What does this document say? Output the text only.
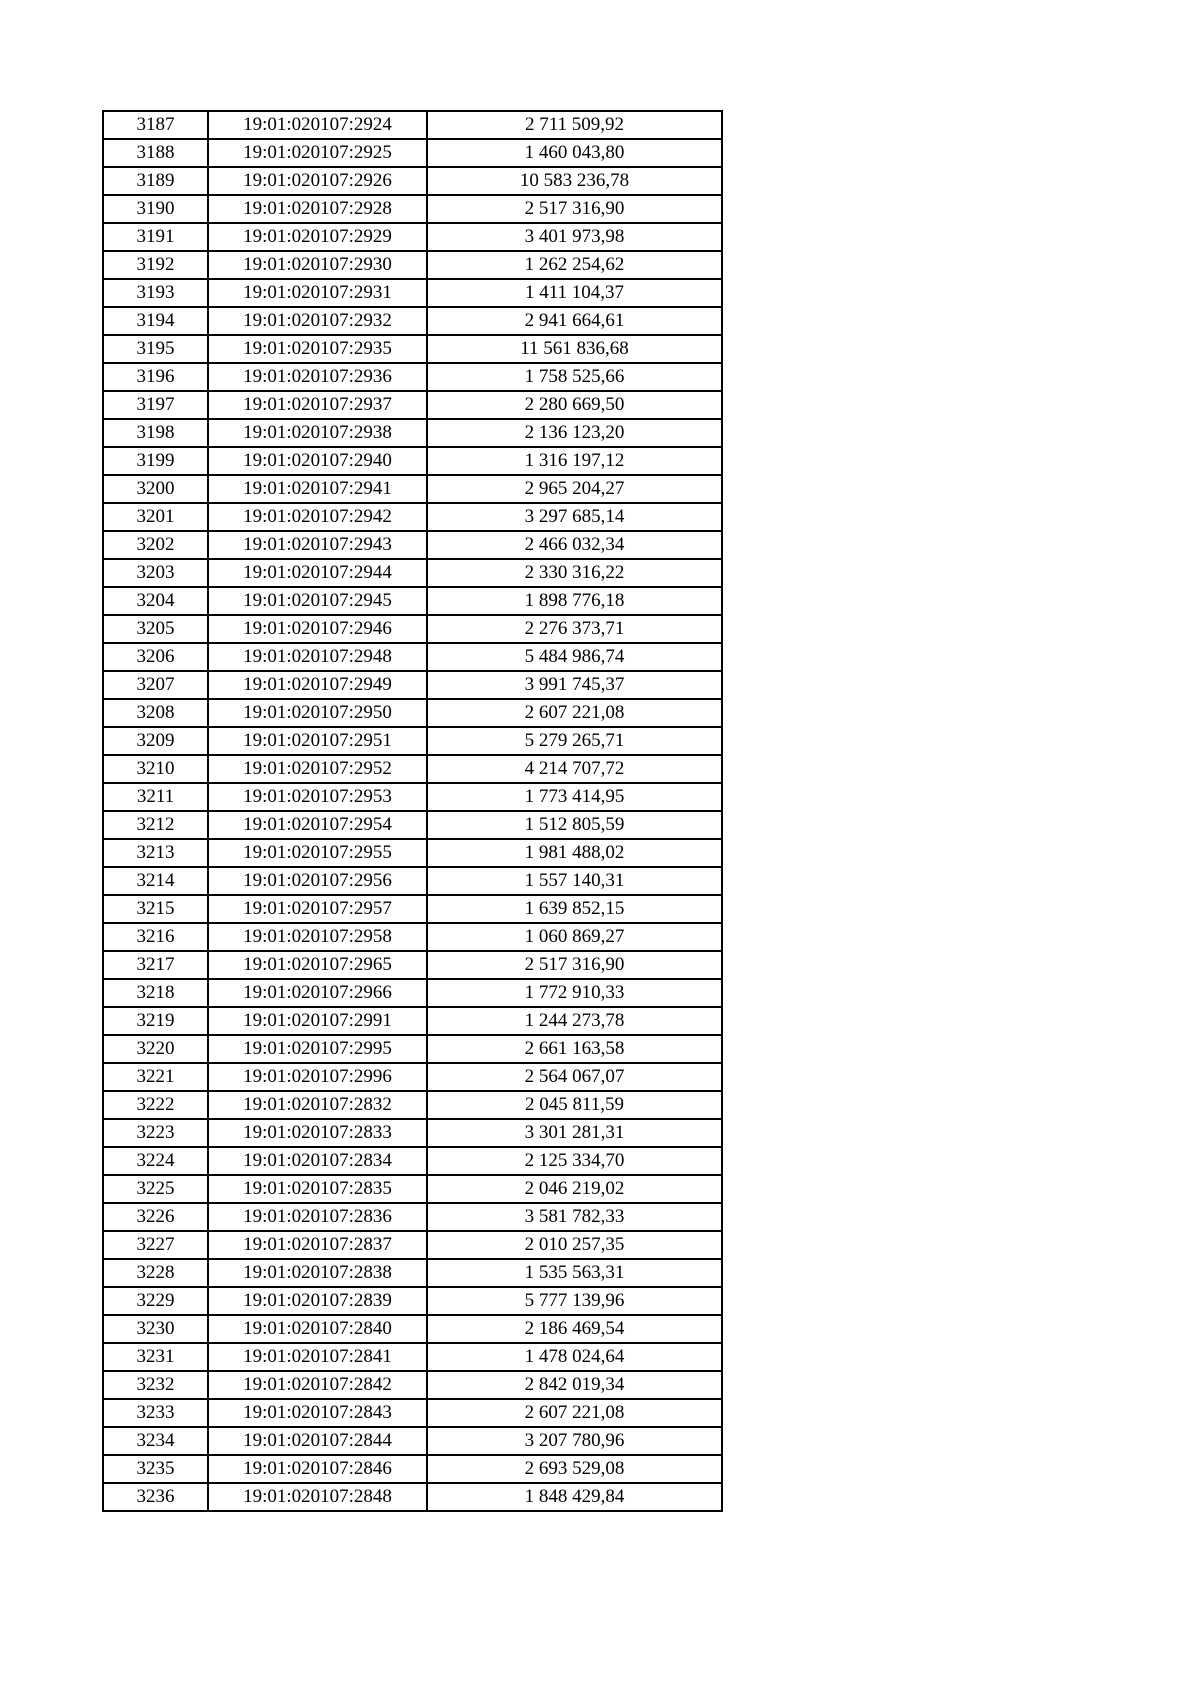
3187	19:01:020107:2924	2 711 509,92
3188	19:01:020107:2925	1 460 043,80
3189	19:01:020107:2926	10 583 236,78
3190	19:01:020107:2928	2 517 316,90
3191	19:01:020107:2929	3 401 973,98
3192	19:01:020107:2930	1 262 254,62
3193	19:01:020107:2931	1 411 104,37
3194	19:01:020107:2932	2 941 664,61
3195	19:01:020107:2935	11 561 836,68
3196	19:01:020107:2936	1 758 525,66
3197	19:01:020107:2937	2 280 669,50
3198	19:01:020107:2938	2 136 123,20
3199	19:01:020107:2940	1 316 197,12
3200	19:01:020107:2941	2 965 204,27
3201	19:01:020107:2942	3 297 685,14
3202	19:01:020107:2943	2 466 032,34
3203	19:01:020107:2944	2 330 316,22
3204	19:01:020107:2945	1 898 776,18
3205	19:01:020107:2946	2 276 373,71
3206	19:01:020107:2948	5 484 986,74
3207	19:01:020107:2949	3 991 745,37
3208	19:01:020107:2950	2 607 221,08
3209	19:01:020107:2951	5 279 265,71
3210	19:01:020107:2952	4 214 707,72
3211	19:01:020107:2953	1 773 414,95
3212	19:01:020107:2954	1 512 805,59
3213	19:01:020107:2955	1 981 488,02
3214	19:01:020107:2956	1 557 140,31
3215	19:01:020107:2957	1 639 852,15
3216	19:01:020107:2958	1 060 869,27
3217	19:01:020107:2965	2 517 316,90
3218	19:01:020107:2966	1 772 910,33
3219	19:01:020107:2991	1 244 273,78
3220	19:01:020107:2995	2 661 163,58
3221	19:01:020107:2996	2 564 067,07
3222	19:01:020107:2832	2 045 811,59
3223	19:01:020107:2833	3 301 281,31
3224	19:01:020107:2834	2 125 334,70
3225	19:01:020107:2835	2 046 219,02
3226	19:01:020107:2836	3 581 782,33
3227	19:01:020107:2837	2 010 257,35
3228	19:01:020107:2838	1 535 563,31
3229	19:01:020107:2839	5 777 139,96
3230	19:01:020107:2840	2 186 469,54
3231	19:01:020107:2841	1 478 024,64
3232	19:01:020107:2842	2 842 019,34
3233	19:01:020107:2843	2 607 221,08
3234	19:01:020107:2844	3 207 780,96
3235	19:01:020107:2846	2 693 529,08
3236	19:01:020107:2848	1 848 429,84
